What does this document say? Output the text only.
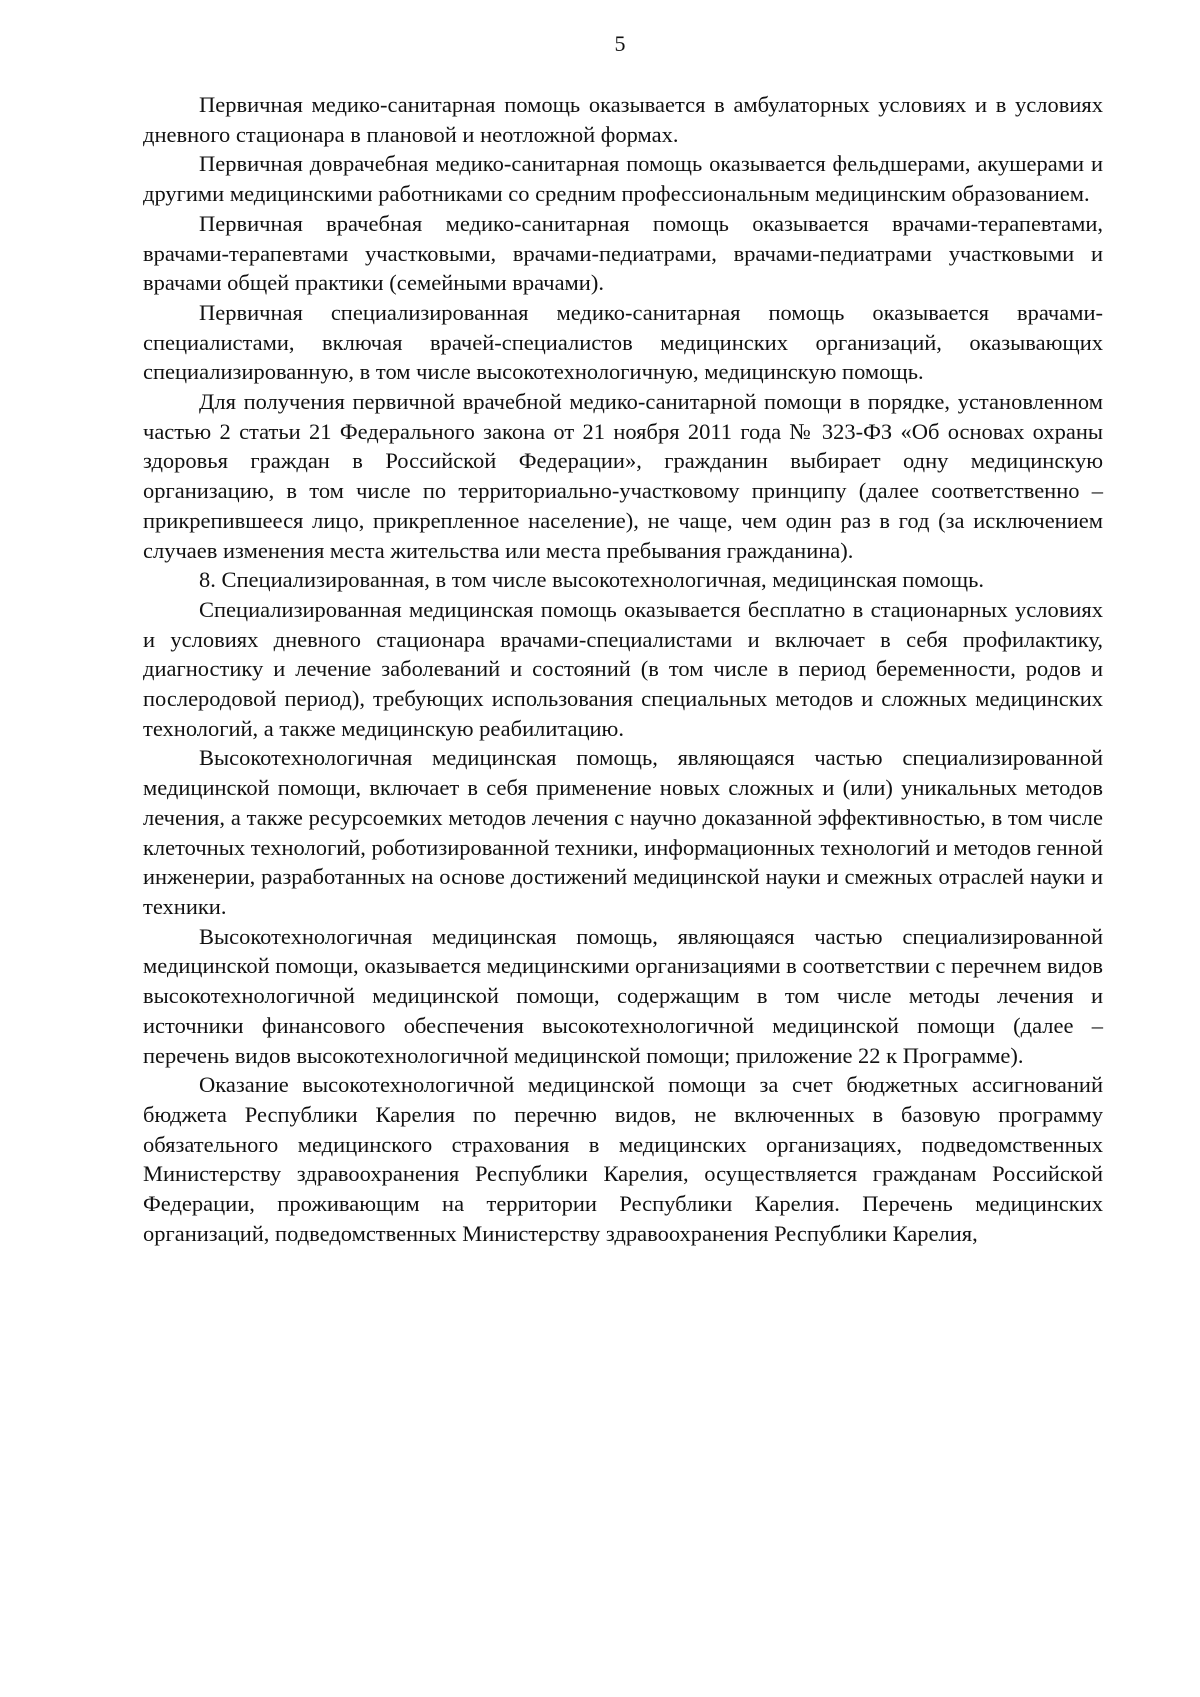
5

Первичная медико-санитарная помощь оказывается в амбулаторных условиях и в условиях дневного стационара в плановой и неотложной формах.

Первичная доврачебная медико-санитарная помощь оказывается фельдшерами, акушерами и другими медицинскими работниками со средним профессиональным медицинским образованием.

Первичная врачебная медико-санитарная помощь оказывается врачами-терапевтами, врачами-терапевтами участковыми, врачами-педиатрами, врачами-педиатрами участковыми и врачами общей практики (семейными врачами).

Первичная специализированная медико-санитарная помощь оказывается врачами-специалистами, включая врачей-специалистов медицинских организаций, оказывающих специализированную, в том числе высокотехнологичную, медицинскую помощь.

Для получения первичной врачебной медико-санитарной помощи в порядке, установленном частью 2 статьи 21 Федерального закона от 21 ноября 2011 года № 323-ФЗ «Об основах охраны здоровья граждан в Российской Федерации», гражданин выбирает одну медицинскую организацию, в том числе по территориально-участковому принципу (далее соответственно – прикрепившееся лицо, прикрепленное население), не чаще, чем один раз в год (за исключением случаев изменения места жительства или места пребывания гражданина).

8. Специализированная, в том числе высокотехнологичная, медицинская помощь.

Специализированная медицинская помощь оказывается бесплатно в стационарных условиях и условиях дневного стационара врачами-специалистами и включает в себя профилактику, диагностику и лечение заболеваний и состояний (в том числе в период беременности, родов и послеродовой период), требующих использования специальных методов и сложных медицинских технологий, а также медицинскую реабилитацию.

Высокотехнологичная медицинская помощь, являющаяся частью специализированной медицинской помощи, включает в себя применение новых сложных и (или) уникальных методов лечения, а также ресурсоемких методов лечения с научно доказанной эффективностью, в том числе клеточных технологий, роботизированной техники, информационных технологий и методов генной инженерии, разработанных на основе достижений медицинской науки и смежных отраслей науки и техники.

Высокотехнологичная медицинская помощь, являющаяся частью специализированной медицинской помощи, оказывается медицинскими организациями в соответствии с перечнем видов высокотехнологичной медицинской помощи, содержащим в том числе методы лечения и источники финансового обеспечения высокотехнологичной медицинской помощи (далее – перечень видов высокотехнологичной медицинской помощи; приложение 22 к Программе).

Оказание высокотехнологичной медицинской помощи за счет бюджетных ассигнований бюджета Республики Карелия по перечню видов, не включенных в базовую программу обязательного медицинского страхования в медицинских организациях, подведомственных Министерству здравоохранения Республики Карелия, осуществляется гражданам Российской Федерации, проживающим на территории Республики Карелия. Перечень медицинских организаций, подведомственных Министерству здравоохранения Республики Карелия,
